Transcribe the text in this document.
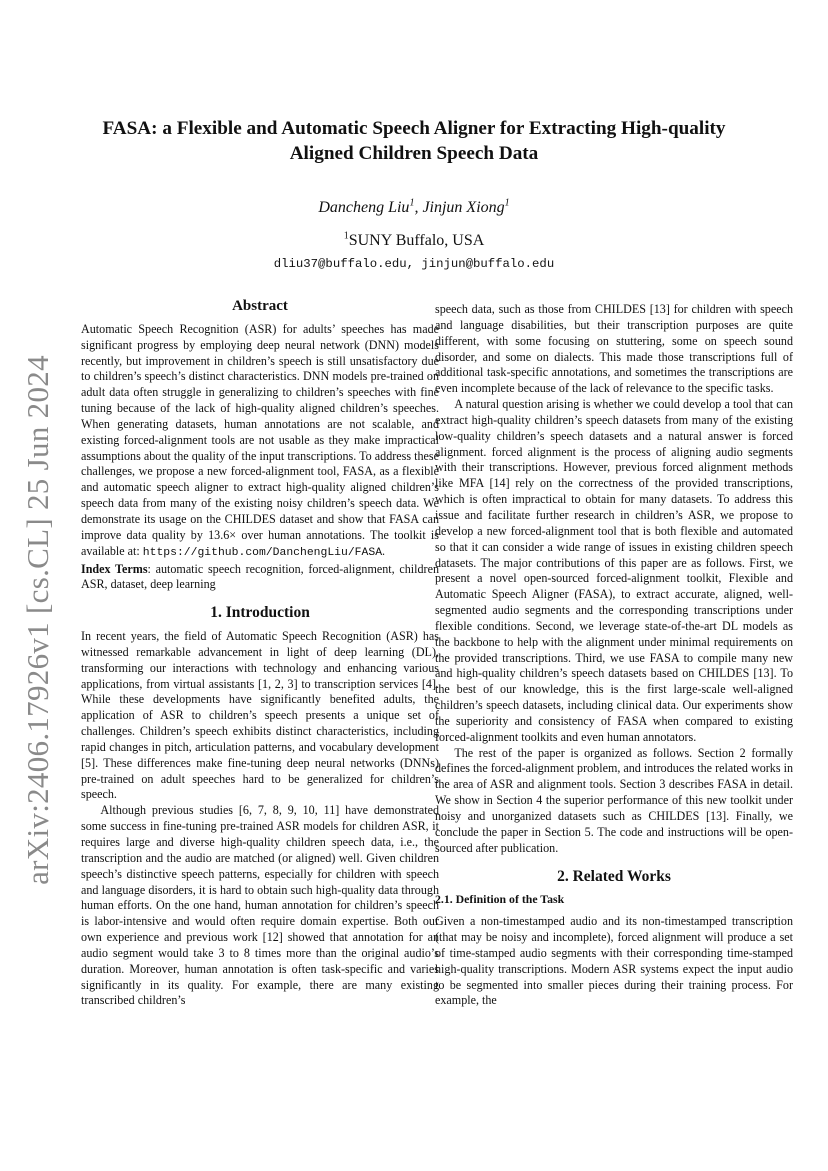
arXiv:2406.17926v1 [cs.CL] 25 Jun 2024
FASA: a Flexible and Automatic Speech Aligner for Extracting High-quality
Aligned Children Speech Data
Dancheng Liu$^1$, Jinjun Xiong$^1$
$^1$SUNY Buffalo, USA
dliu37@buffalo.edu, jinjun@buffalo.edu
Abstract

Automatic Speech Recognition (ASR) for adults’ speeches has made significant progress by employing deep neural network (DNN) models recently, but improvement in children’s speech is still unsatisfactory due to children’s speech’s distinct characteristics. DNN models pre-trained on adult data often struggle in generalizing to children’s speeches with fine tuning because of the lack of high-quality aligned children’s speeches. When generating datasets, human annotations are not scalable, and existing forced-alignment tools are not usable as they make impractical assumptions about the quality of the input transcriptions. To address these challenges, we propose a new forced-alignment tool, FASA, as a flexible and automatic speech aligner to extract high-quality aligned children’s speech data from many of the existing noisy children’s speech data. We demonstrate its usage on the CHILDES dataset and show that FASA can improve data quality by 13.6× over human annotations. The toolkit is available at: https://github.com/DanchengLiu/FASA.

Index Terms: automatic speech recognition, forced-alignment, children ASR, dataset, deep learning

1. Introduction

In recent years, the field of Automatic Speech Recognition (ASR) has witnessed remarkable advancement in light of deep learning (DL), transforming our interactions with technology and enhancing various applications, from virtual assistants [1, 2, 3] to transcription services [4]. While these developments have significantly benefited adults, the application of ASR to children’s speech presents a unique set of challenges. Children’s speech exhibits distinct characteristics, including rapid changes in pitch, articulation patterns, and vocabulary development [5]. These differences make fine-tuning deep neural networks (DNNs) pre-trained on adult speeches hard to be generalized for children’s speech.

Although previous studies [6, 7, 8, 9, 10, 11] have demonstrated some success in fine-tuning pre-trained ASR models for children ASR, it requires large and diverse high-quality children speech data, i.e., the transcription and the audio are matched (or aligned) well. Given children speech’s distinctive speech patterns, especially for children with speech and language disorders, it is hard to obtain such high-quality data through human efforts. On the one hand, human annotation for children’s speech is labor-intensive and would often require domain expertise. Both our own experience and previous work [12] showed that annotation for an audio segment would take 3 to 8 times more than the original audio’s duration. Moreover, human annotation is often task-specific and varies significantly in its quality. For example, there are many existing transcribed children’s

speech data, such as those from CHILDES [13] for children with speech and language disabilities, but their transcription purposes are quite different, with some focusing on stuttering, some on speech sound disorder, and some on dialects. This made those transcriptions full of additional task-specific annotations, and sometimes the transcriptions are even incomplete because of the lack of relevance to the specific tasks.

A natural question arising is whether we could develop a tool that can extract high-quality children’s speech datasets from many of the existing low-quality children’s speech datasets and a natural answer is forced alignment. forced alignment is the process of aligning audio segments with their transcriptions. However, previous forced alignment methods like MFA [14] rely on the correctness of the provided transcriptions, which is often impractical to obtain for many datasets. To address this issue and facilitate further research in children’s ASR, we propose to develop a new forced-alignment tool that is both flexible and automated so that it can consider a wide range of issues in existing children speech datasets. The major contributions of this paper are as follows. First, we present a novel open-sourced forced-alignment toolkit, Flexible and Automatic Speech Aligner (FASA), to extract accurate, aligned, well-segmented audio segments and the corresponding transcriptions under flexible conditions. Second, we leverage state-of-the-art DL models as the backbone to help with the alignment under minimal requirements on the provided transcriptions. Third, we use FASA to compile many new and high-quality children’s speech datasets based on CHILDES [13]. To the best of our knowledge, this is the first large-scale well-aligned children’s speech datasets, including clinical data. Our experiments show the superiority and consistency of FASA when compared to existing forced-alignment toolkits and even human annotators.

The rest of the paper is organized as follows. Section 2 formally defines the forced-alignment problem, and introduces the related works in the area of ASR and alignment tools. Section 3 describes FASA in detail. We show in Section 4 the superior performance of this new toolkit under noisy and unorganized datasets such as CHILDES [13]. Finally, we conclude the paper in Section 5. The code and instructions will be open-sourced after publication.

2. Related Works
2.1. Definition of the Task

Given a non-timestamped audio and its non-timestamped transcription (that may be noisy and incomplete), forced alignment will produce a set of time-stamped audio segments with their corresponding time-stamped high-quality transcriptions. Modern ASR systems expect the input audio to be segmented into smaller pieces during their training process. For example, the
